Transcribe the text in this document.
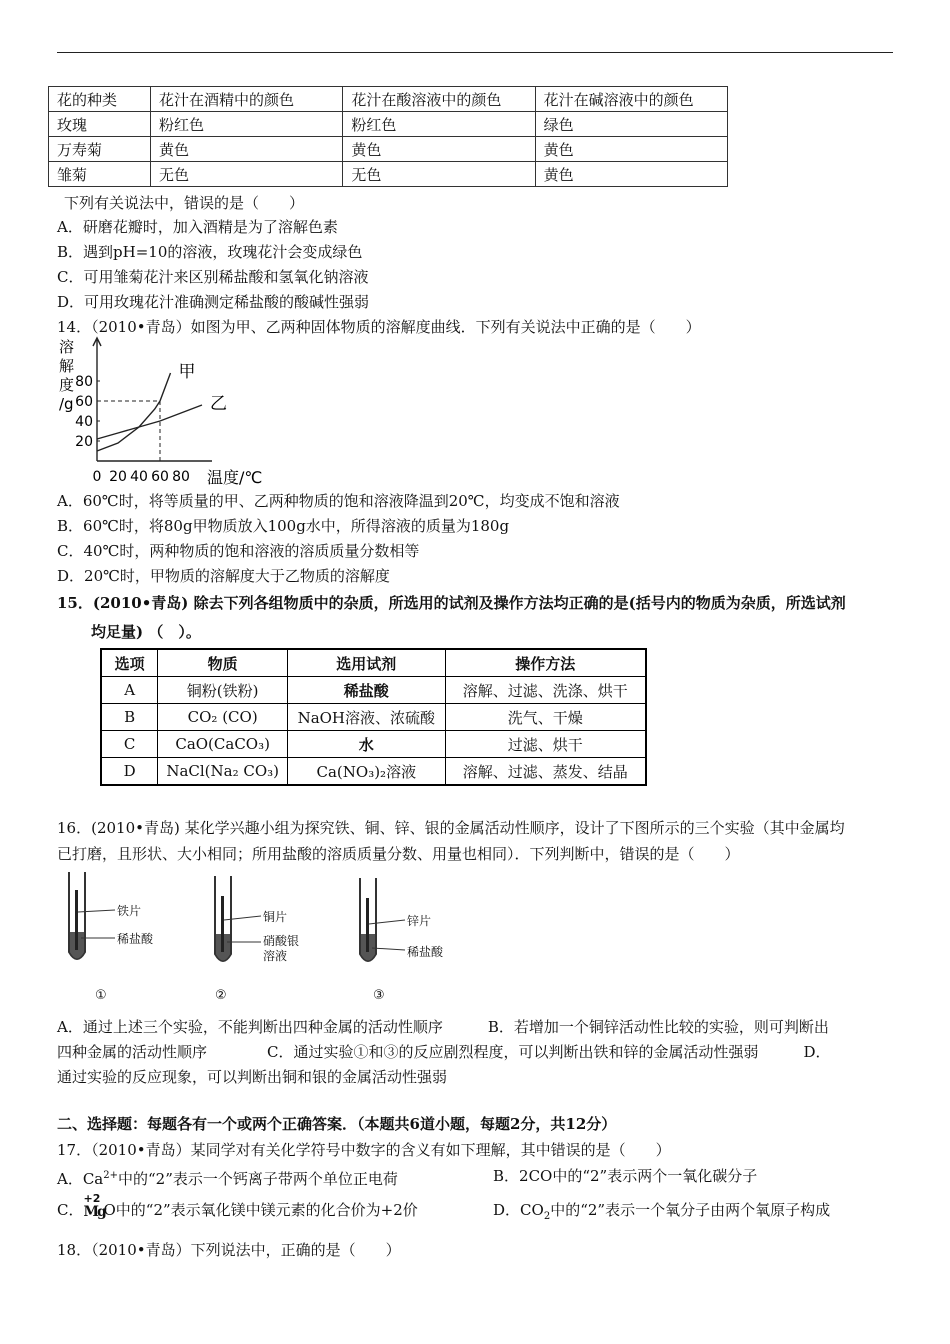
花的种类	花汁在酒精中的颜色	花汁在酸溶液中的颜色	花汁在碱溶液中的颜色
玫瑰	粉红色	粉红色	绿色
万寿菊	黄色	黄色	黄色
雏菊	无色	无色	黄色
下列有关说法中，错误的是（　　）
A．研磨花瓣时，加入酒精是为了溶解色素
B．遇到pH=10的溶液，玫瑰花汁会变成绿色
C．可用雏菊花汁来区别稀盐酸和氢氧化钠溶液
D．可用玫瑰花汁准确测定稀盐酸的酸碱性强弱
14．（2010•青岛）如图为甲、乙两种固体物质的溶解度曲线．下列有关说法中正确的是（　　）
溶
解
度
/g
20
40
60
80
0 20 40 60 80 温度/℃
甲
乙
A．60℃时，将等质量的甲、乙两种物质的饱和溶液降温到20℃，均变成不饱和溶液
B．60℃时，将80g甲物质放入100g水中，所得溶液的质量为180g
C．40℃时，两种物质的饱和溶液的溶质质量分数相等
D．20℃时，甲物质的溶解度大于乙物质的溶解度
15．(2010•青岛) 除去下列各组物质中的杂质，所选用的试剂及操作方法均正确的是(括号内的物质为杂质，所选试剂
均足量) （　）。
选项	物质	选用试剂	操作方法
A	铜粉(铁粉)	稀盐酸	溶解、过滤、洗涤、烘干
B	CO₂ (CO)	NaOH溶液、浓硫酸	洗气、干燥
C	CaO(CaCO₃)	水	过滤、烘干
D	NaCl(Na₂ CO₃)	Ca(NO₃)₂溶液	溶解、过滤、蒸发、结晶
16．(2010•青岛) 某化学兴趣小组为探究铁、铜、锌、银的金属活动性顺序，设计了下图所示的三个实验（其中金属均
已打磨，且形状、大小相同；所用盐酸的溶质质量分数、用量也相同）．下列判断中，错误的是（　　）
铁片
稀盐酸
铜片
硝酸银溶液
锌片
稀盐酸
①	②	③
A．通过上述三个实验，不能判断出四种金属的活动性顺序　　　B．若增加一个铜锌活动性比较的实验，则可判断出
四种金属的活动性顺序　　　　C．通过实验①和③的反应剧烈程度，可以判断出铁和锌的金属活动性强弱　　　D．
通过实验的反应现象，可以判断出铜和银的金属活动性强弱
二、选择题：每题各有一个或两个正确答案．（本题共6道小题，每题2分，共12分）
17．（2010•青岛）某同学对有关化学符号中数字的含义有如下理解，其中错误的是（　　）
A．$Ca^{2+}$中的“2”表示一个钙离子带两个单位正电荷	B．2CO中的“2”表示两个一氧化碳分子
C．
+2
Mg
O中的“2”表示氧化镁中镁元素的化合价为+2价	D．$CO_2$中的“2”表示一个氧分子由两个氧原子构成
18．（2010•青岛）下列说法中，正确的是（　　）
